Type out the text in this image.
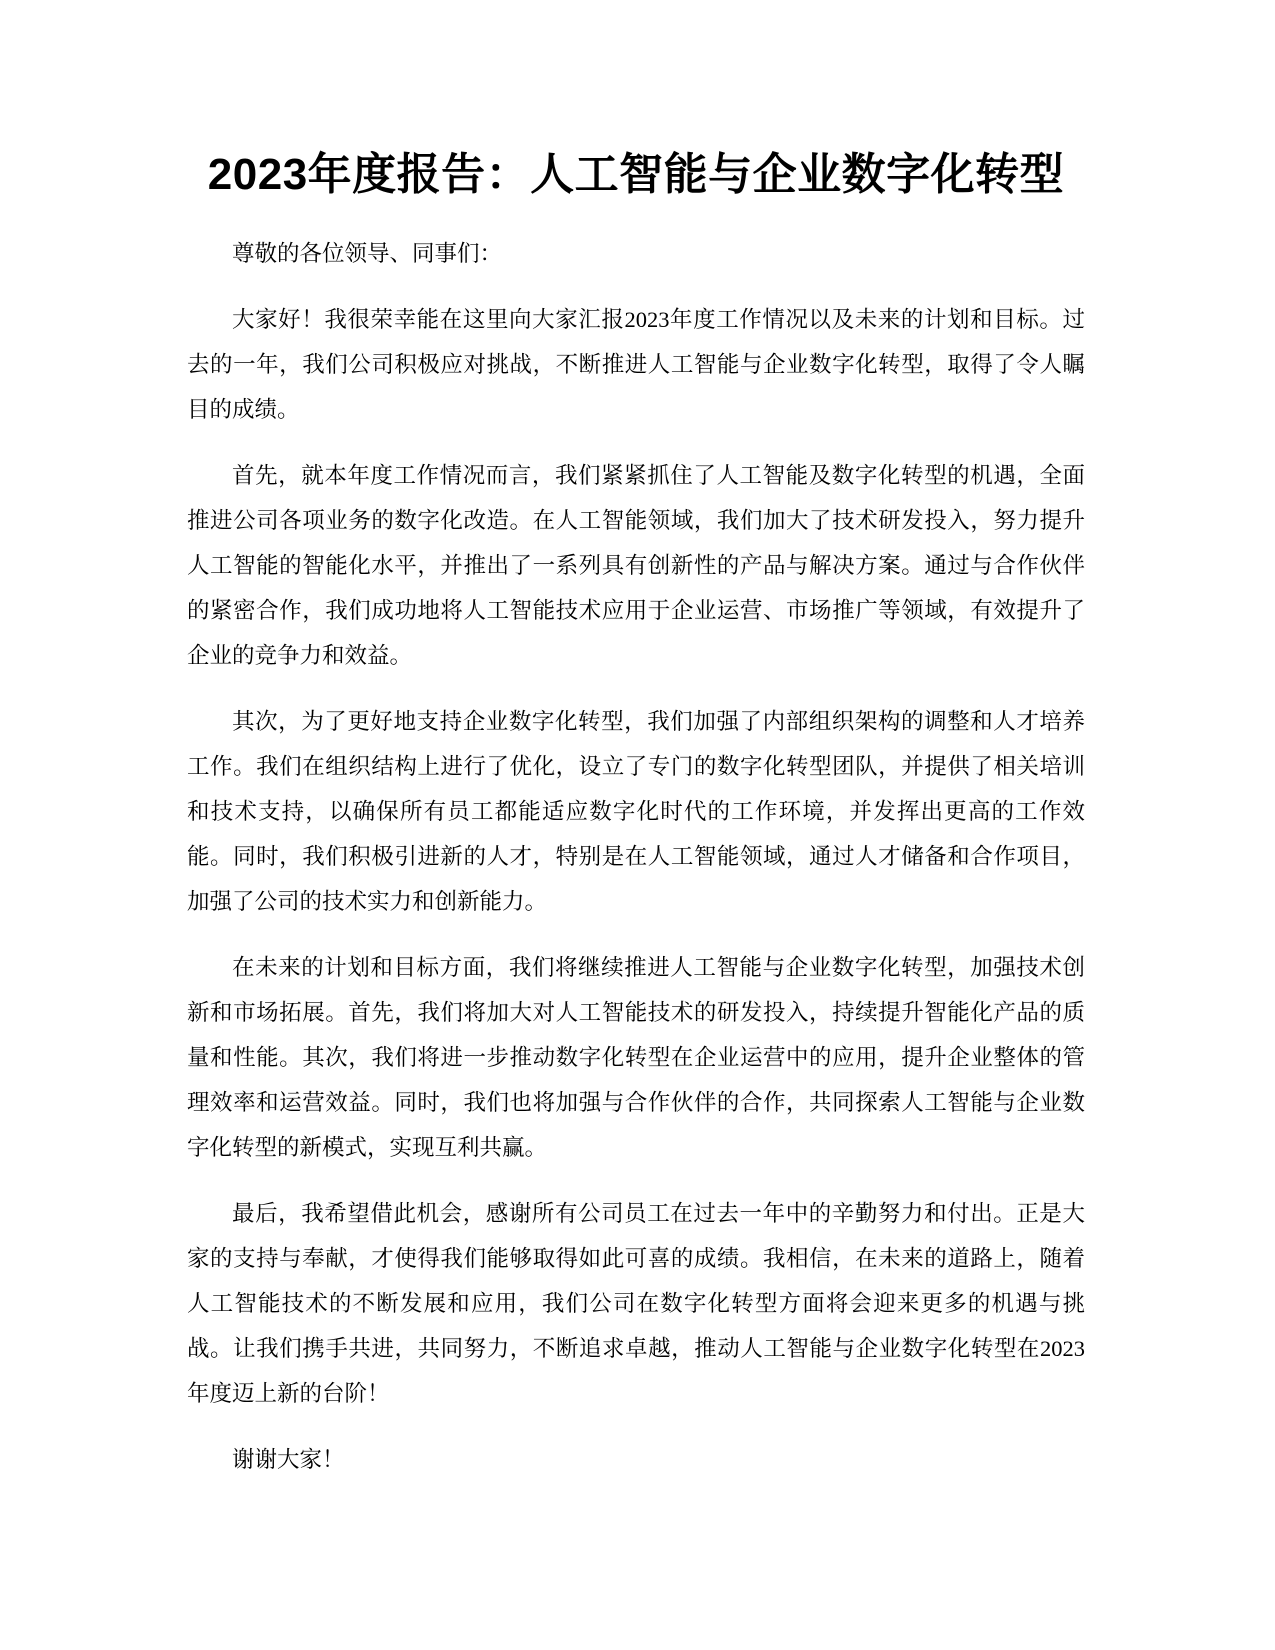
2023年度报告：人工智能与企业数字化转型

尊敬的各位领导、同事们：

大家好！我很荣幸能在这里向大家汇报2023年度工作情况以及未来的计划和目标。过去的一年，我们公司积极应对挑战，不断推进人工智能与企业数字化转型，取得了令人瞩目的成绩。

首先，就本年度工作情况而言，我们紧紧抓住了人工智能及数字化转型的机遇，全面推进公司各项业务的数字化改造。在人工智能领域，我们加大了技术研发投入，努力提升人工智能的智能化水平，并推出了一系列具有创新性的产品与解决方案。通过与合作伙伴的紧密合作，我们成功地将人工智能技术应用于企业运营、市场推广等领域，有效提升了企业的竞争力和效益。

其次，为了更好地支持企业数字化转型，我们加强了内部组织架构的调整和人才培养工作。我们在组织结构上进行了优化，设立了专门的数字化转型团队，并提供了相关培训和技术支持，以确保所有员工都能适应数字化时代的工作环境，并发挥出更高的工作效能。同时，我们积极引进新的人才，特别是在人工智能领域，通过人才储备和合作项目，加强了公司的技术实力和创新能力。

在未来的计划和目标方面，我们将继续推进人工智能与企业数字化转型，加强技术创新和市场拓展。首先，我们将加大对人工智能技术的研发投入，持续提升智能化产品的质量和性能。其次，我们将进一步推动数字化转型在企业运营中的应用，提升企业整体的管理效率和运营效益。同时，我们也将加强与合作伙伴的合作，共同探索人工智能与企业数字化转型的新模式，实现互利共赢。

最后，我希望借此机会，感谢所有公司员工在过去一年中的辛勤努力和付出。正是大家的支持与奉献，才使得我们能够取得如此可喜的成绩。我相信，在未来的道路上，随着人工智能技术的不断发展和应用，我们公司在数字化转型方面将会迎来更多的机遇与挑战。让我们携手共进，共同努力，不断追求卓越，推动人工智能与企业数字化转型在2023年度迈上新的台阶！

谢谢大家！
